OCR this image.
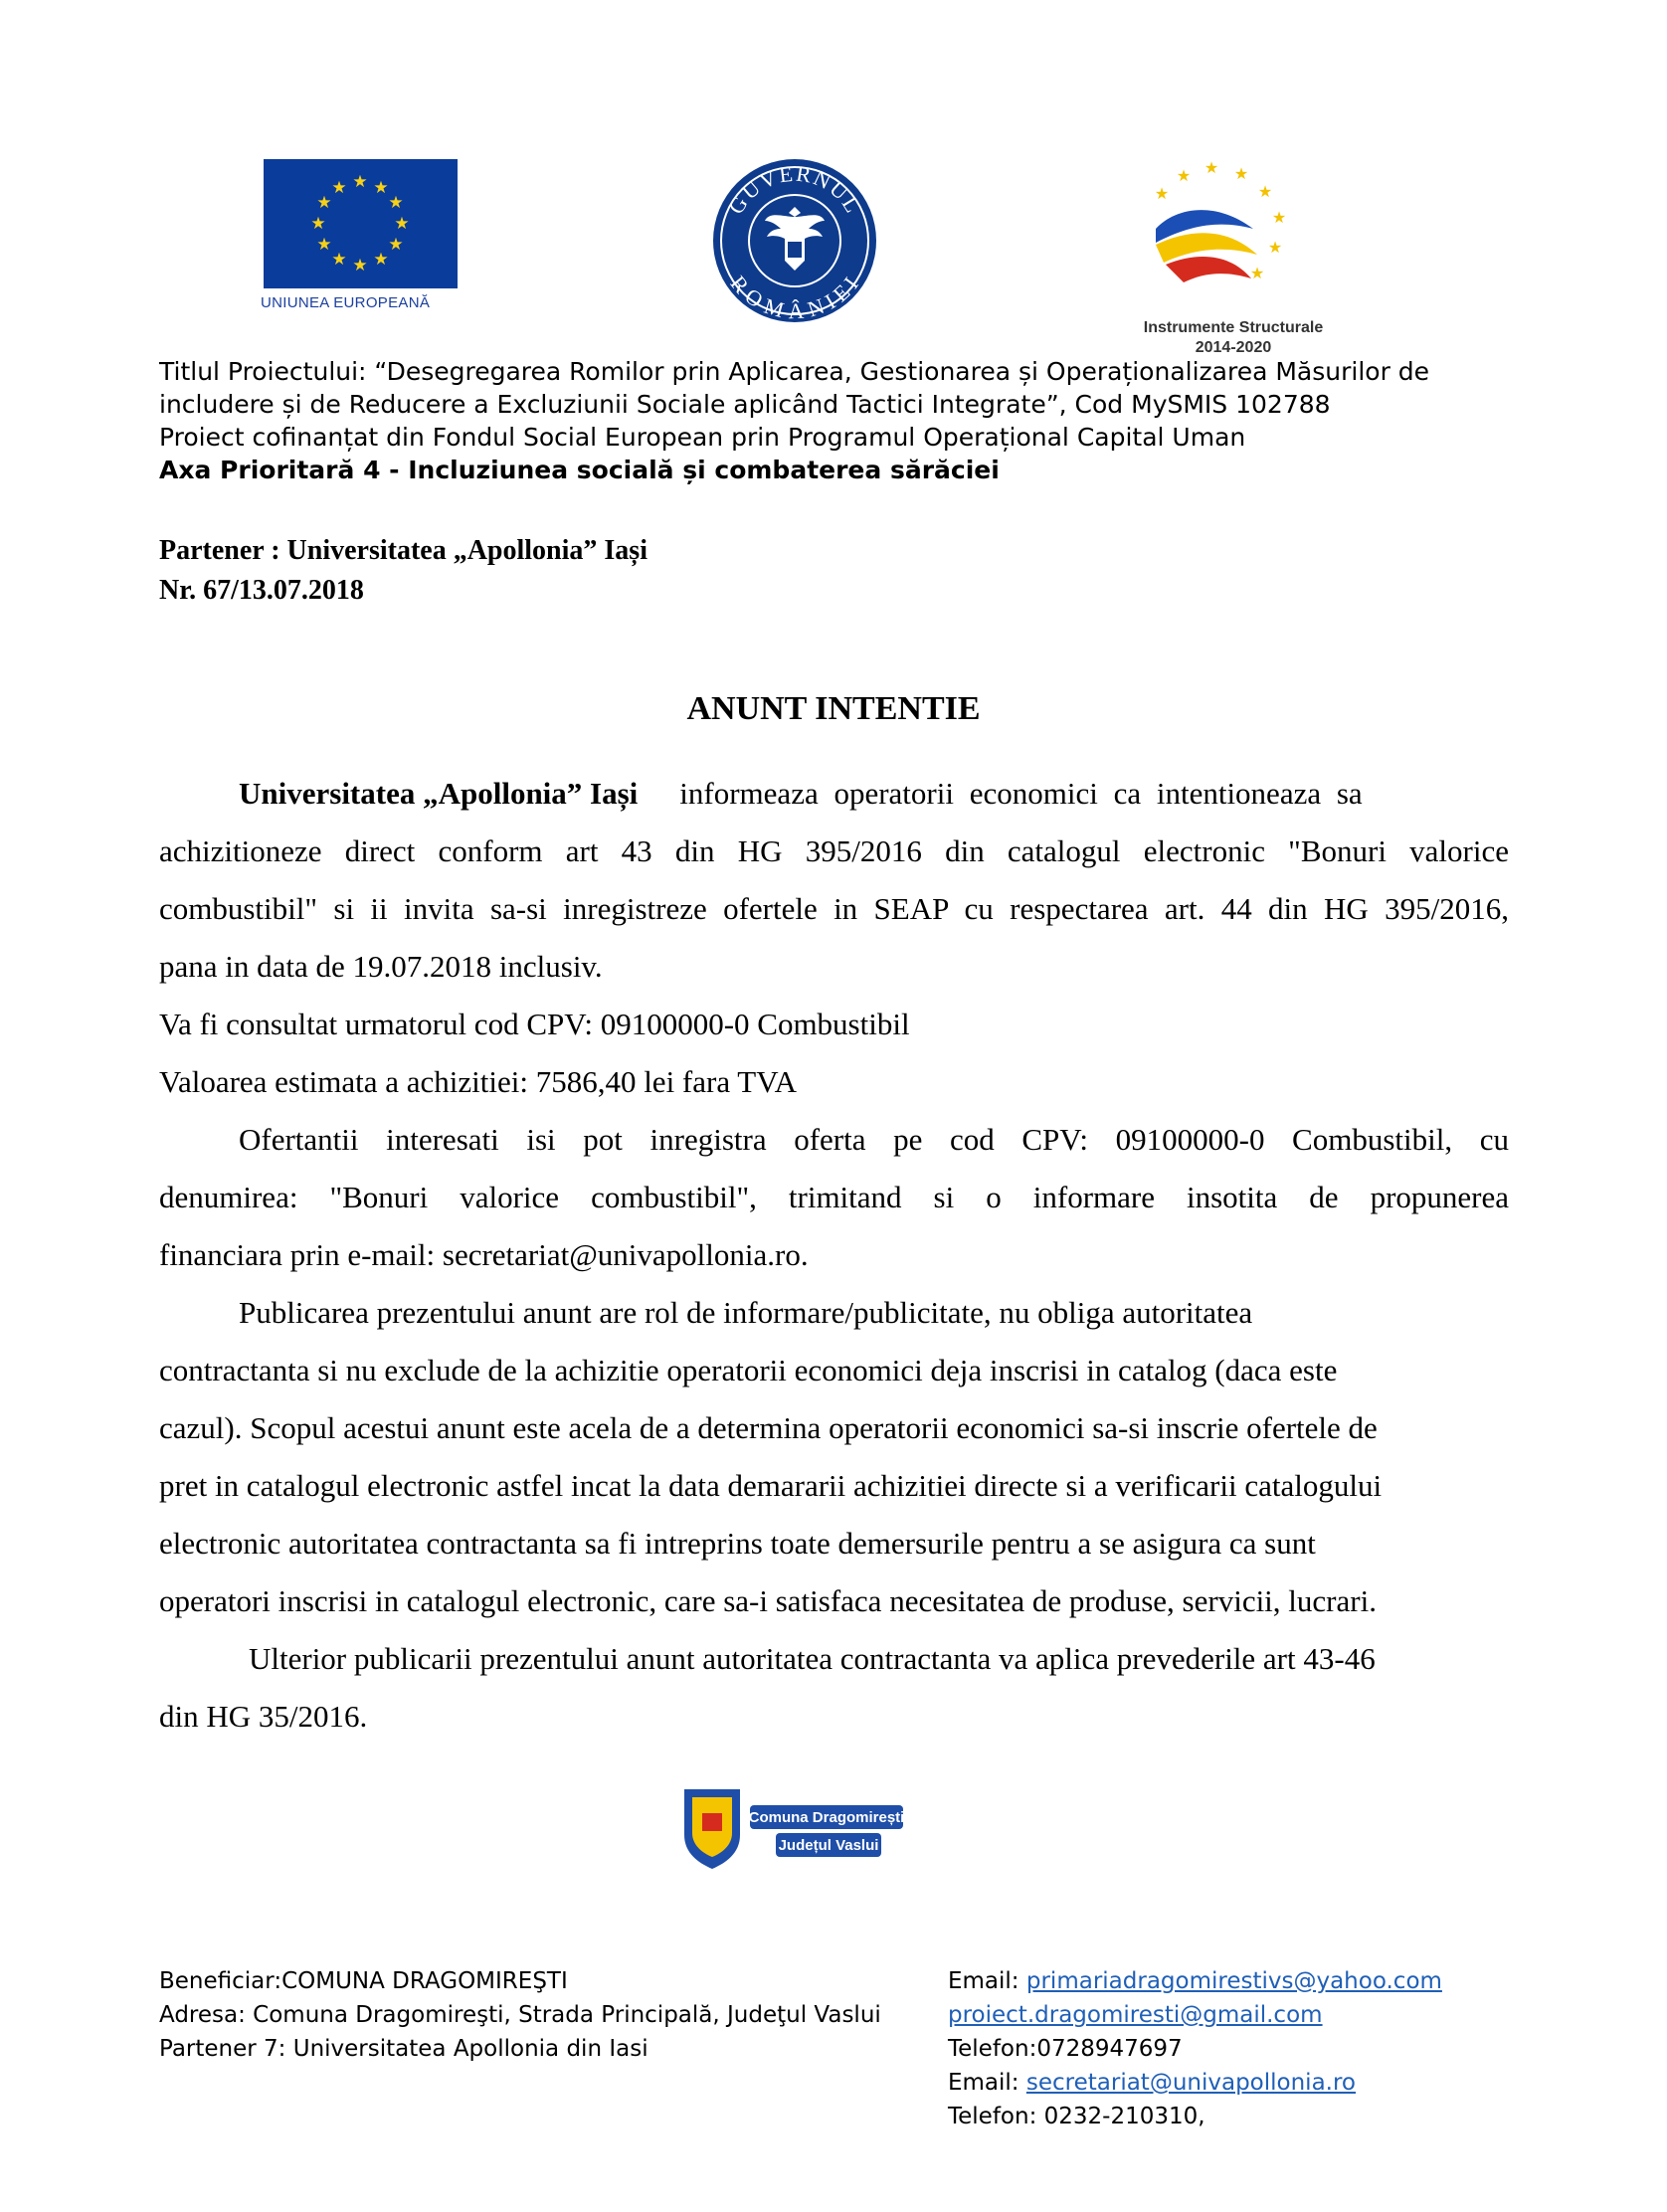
★ ★
★
★
★
★
★
★
★
★
★
★
UNIUNEA EUROPEANĂ
GUVERNUL
ROMÂNIEI
★
★ ★ ★
★
★
★
★
Instrumente Structurale
2014-2020
Titlul Proiectului: “Desegregarea Romilor prin Aplicarea, Gestionarea și Operaționalizarea Măsurilor de
includere și de Reducere a Excluziunii Sociale aplicând Tactici Integrate”, Cod MySMIS 102788
Proiect cofinanțat din Fondul Social European prin Programul Operațional Capital Uman
Axa Prioritară 4 - Incluziunea socială și combaterea sărăciei
Partener : Universitatea „Apollonia” Iași
Nr. 67/13.07.2018
ANUNT INTENTIE
Universitatea „Apollonia” Iași informeaza operatorii economici ca intentioneaza sa
achizitioneze direct conform art 43 din HG 395/2016 din catalogul electronic "Bonuri valorice
combustibil" si ii invita sa-si inregistreze ofertele in SEAP cu respectarea art. 44 din HG 395/2016,
pana in data de 19.07.2018 inclusiv.
Va fi consultat urmatorul cod CPV: 09100000-0 Combustibil
Valoarea estimata a achizitiei: 7586,40 lei fara TVA
Ofertantii interesati isi pot inregistra oferta pe cod CPV: 09100000-0 Combustibil, cu
denumirea: "Bonuri valorice combustibil", trimitand si o informare insotita de propunerea
financiara prin e-mail: secretariat@univapollonia.ro.
Publicarea prezentului anunt are rol de informare/publicitate, nu obliga autoritatea
contractanta si nu exclude de la achizitie operatorii economici deja inscrisi in catalog (daca este
cazul). Scopul acestui anunt este acela de a determina operatorii economici sa-si inscrie ofertele de
pret in catalogul electronic astfel incat la data demararii achizitiei directe si a verificarii catalogului
electronic autoritatea contractanta sa fi intreprins toate demersurile pentru a se asigura ca sunt
operatori inscrisi in catalogul electronic, care sa-i satisfaca necesitatea de produse, servicii, lucrari.
Ulterior publicarii prezentului anunt autoritatea contractanta va aplica prevederile art 43-46
din HG 35/2016.
Comuna Dragomirești
Județul Vaslui
Beneficiar:COMUNA DRAGOMIREŞTI
Adresa: Comuna Dragomireşti, Strada Principală, Judeţul Vaslui
Partener 7: Universitatea Apollonia din Iasi
Email: primariadragomirestivs@yahoo.com
proiect.dragomiresti@gmail.com
Telefon:0728947697
Email: secretariat@univapollonia.ro
Telefon: 0232-210310,
